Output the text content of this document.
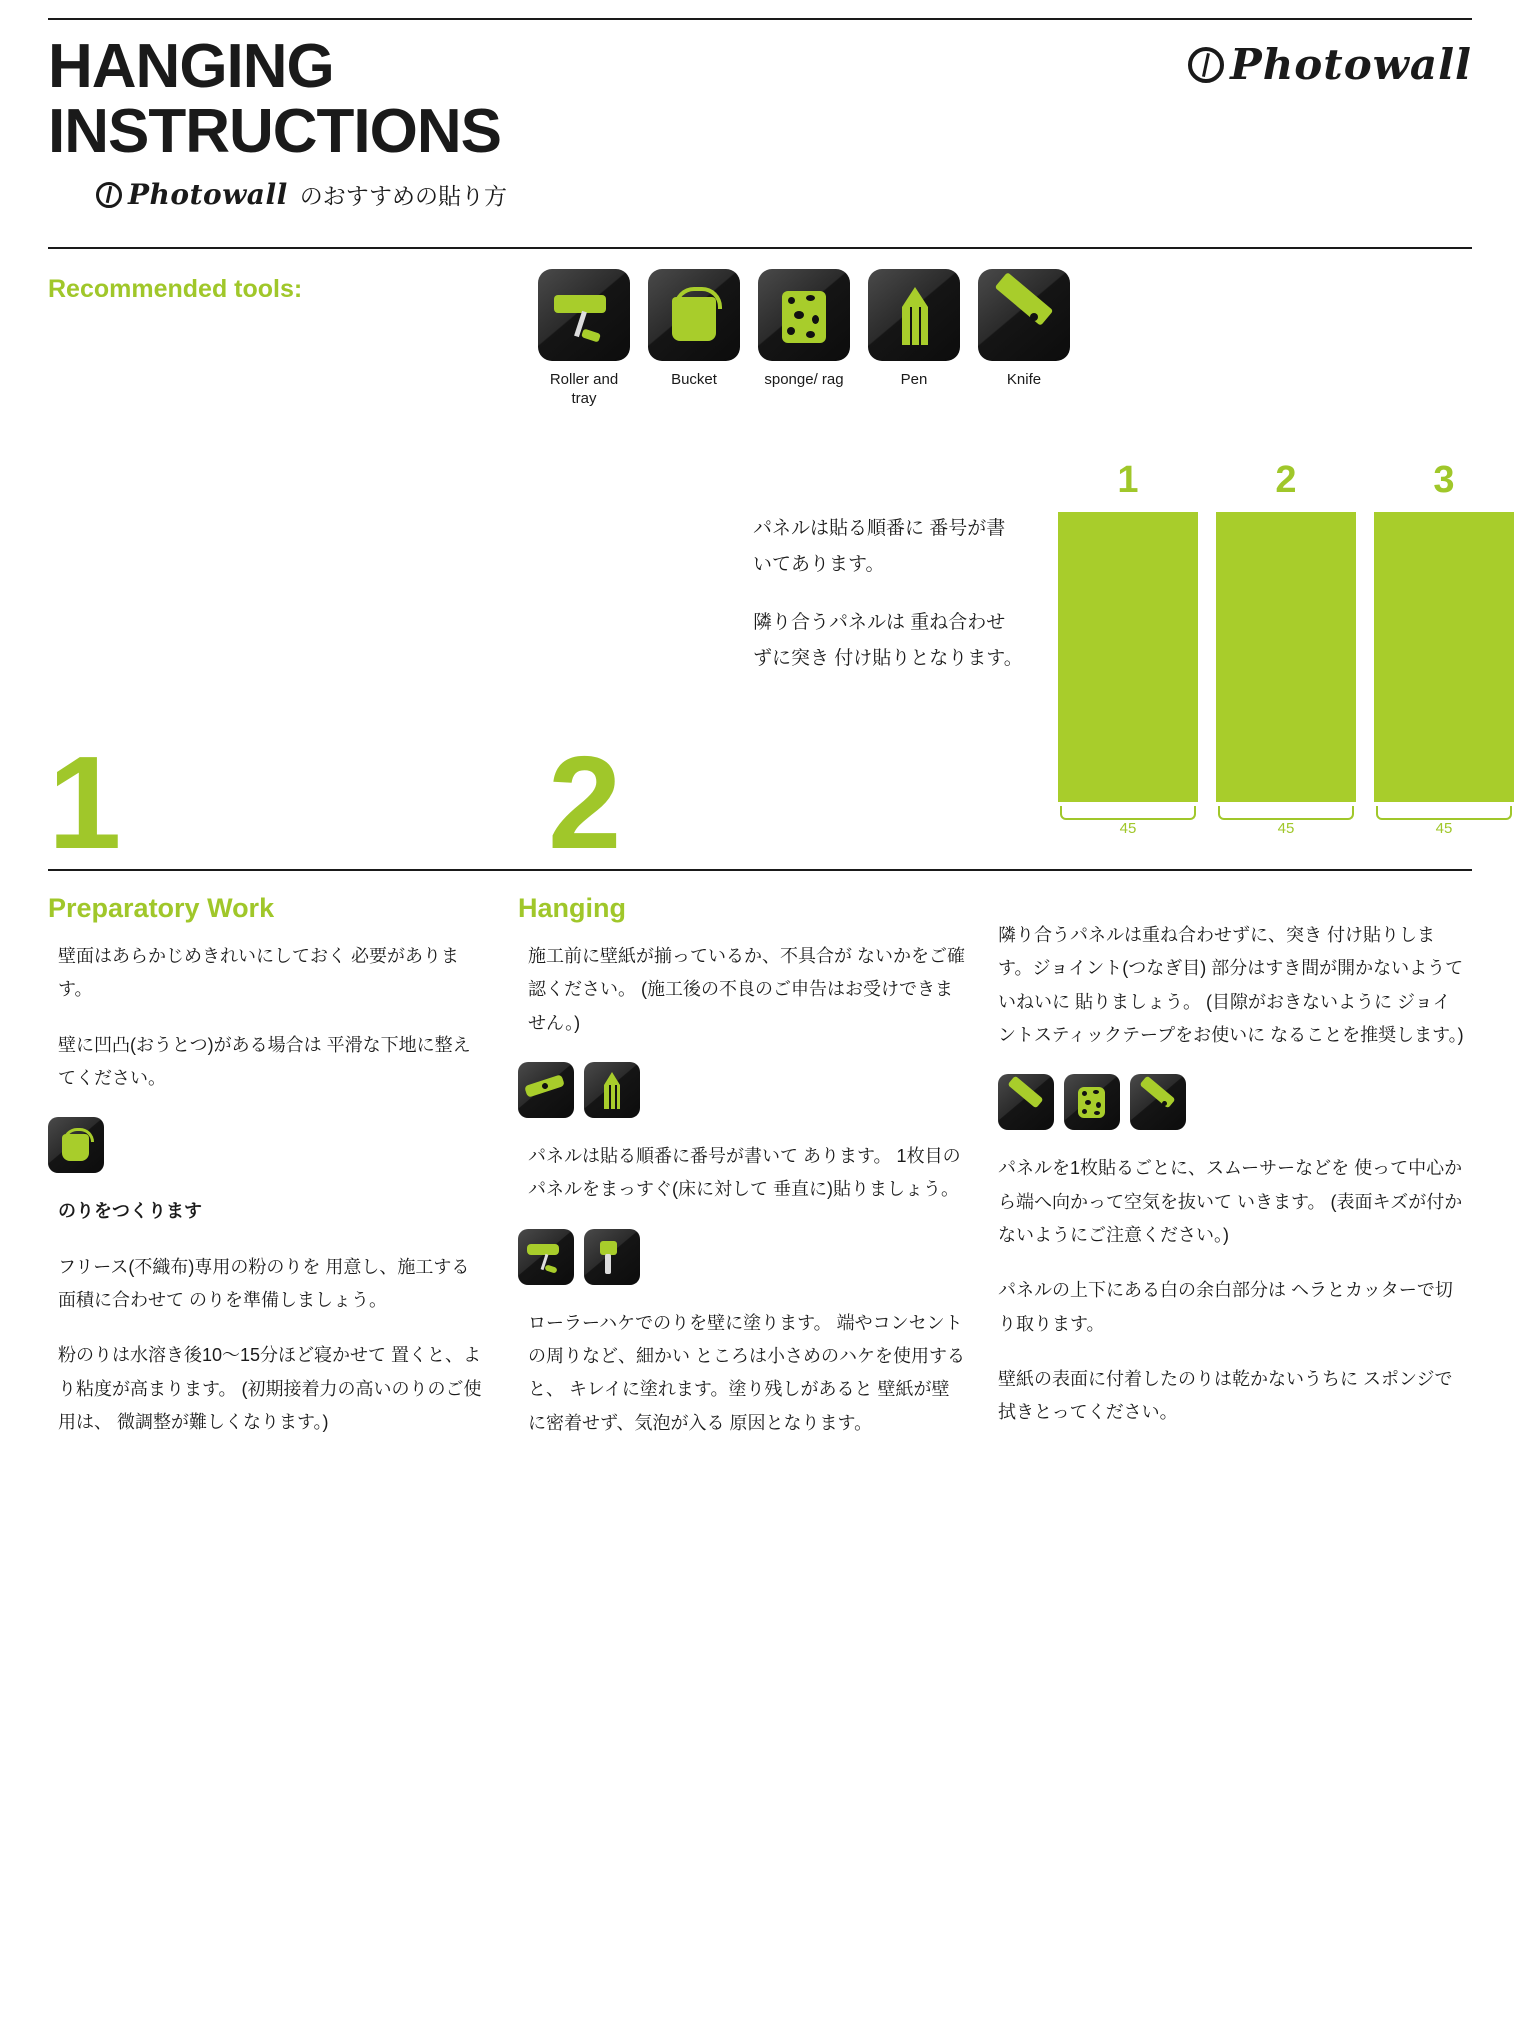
Photowall
HANGING
INSTRUCTIONS
Photowall のおすすめの貼り方
Recommended tools:
Roller and tray
Bucket	sponge/ rag	Pen	Knife
1	2

パネルは貼る順番に 番号が書いてあります。

隣り合うパネルは 重ね合わせずに突き 付け貼りとなります。

1	2	3
45	45	45
Preparatory Work

壁面はあらかじめきれいにしておく 必要があります。

壁に凹凸(おうとつ)がある場合は 平滑な下地に整えてください。

のりをつくります

フリース(不織布)専用の粉のりを 用意し、施工する面積に合わせて のりを準備しましょう。

粉のりは水溶き後10～15分ほど寝かせて 置くと、より粘度が高まります。 (初期接着力の高いのりのご使用は、 微調整が難しくなります。)

Hanging

施工前に壁紙が揃っているか、不具合が ないかをご確認ください。 (施工後の不良のご申告はお受けできません。)

パネルは貼る順番に番号が書いて あります。 1枚目のパネルをまっすぐ(床に対して 垂直に)貼りましょう。

ローラーハケでのりを壁に塗ります。 端やコンセントの周りなど、細かい ところは小さめのハケを使用すると、 キレイに塗れます。塗り残しがあると 壁紙が壁に密着せず、気泡が入る 原因となります。

隣り合うパネルは重ね合わせずに、突き 付け貼りします。ジョイント(つなぎ目) 部分はすき間が開かないようていねいに 貼りましょう。 (目隙がおきないように ジョイントスティックテープをお使いに なることを推奨します。)

パネルを1枚貼るごとに、スムーサーなどを 使って中心から端へ向かって空気を抜いて いきます。 (表面キズが付かないようにご注意ください。)

パネルの上下にある白の余白部分は ヘラとカッターで切り取ります。

壁紙の表面に付着したのりは乾かないうちに スポンジで拭きとってください。
